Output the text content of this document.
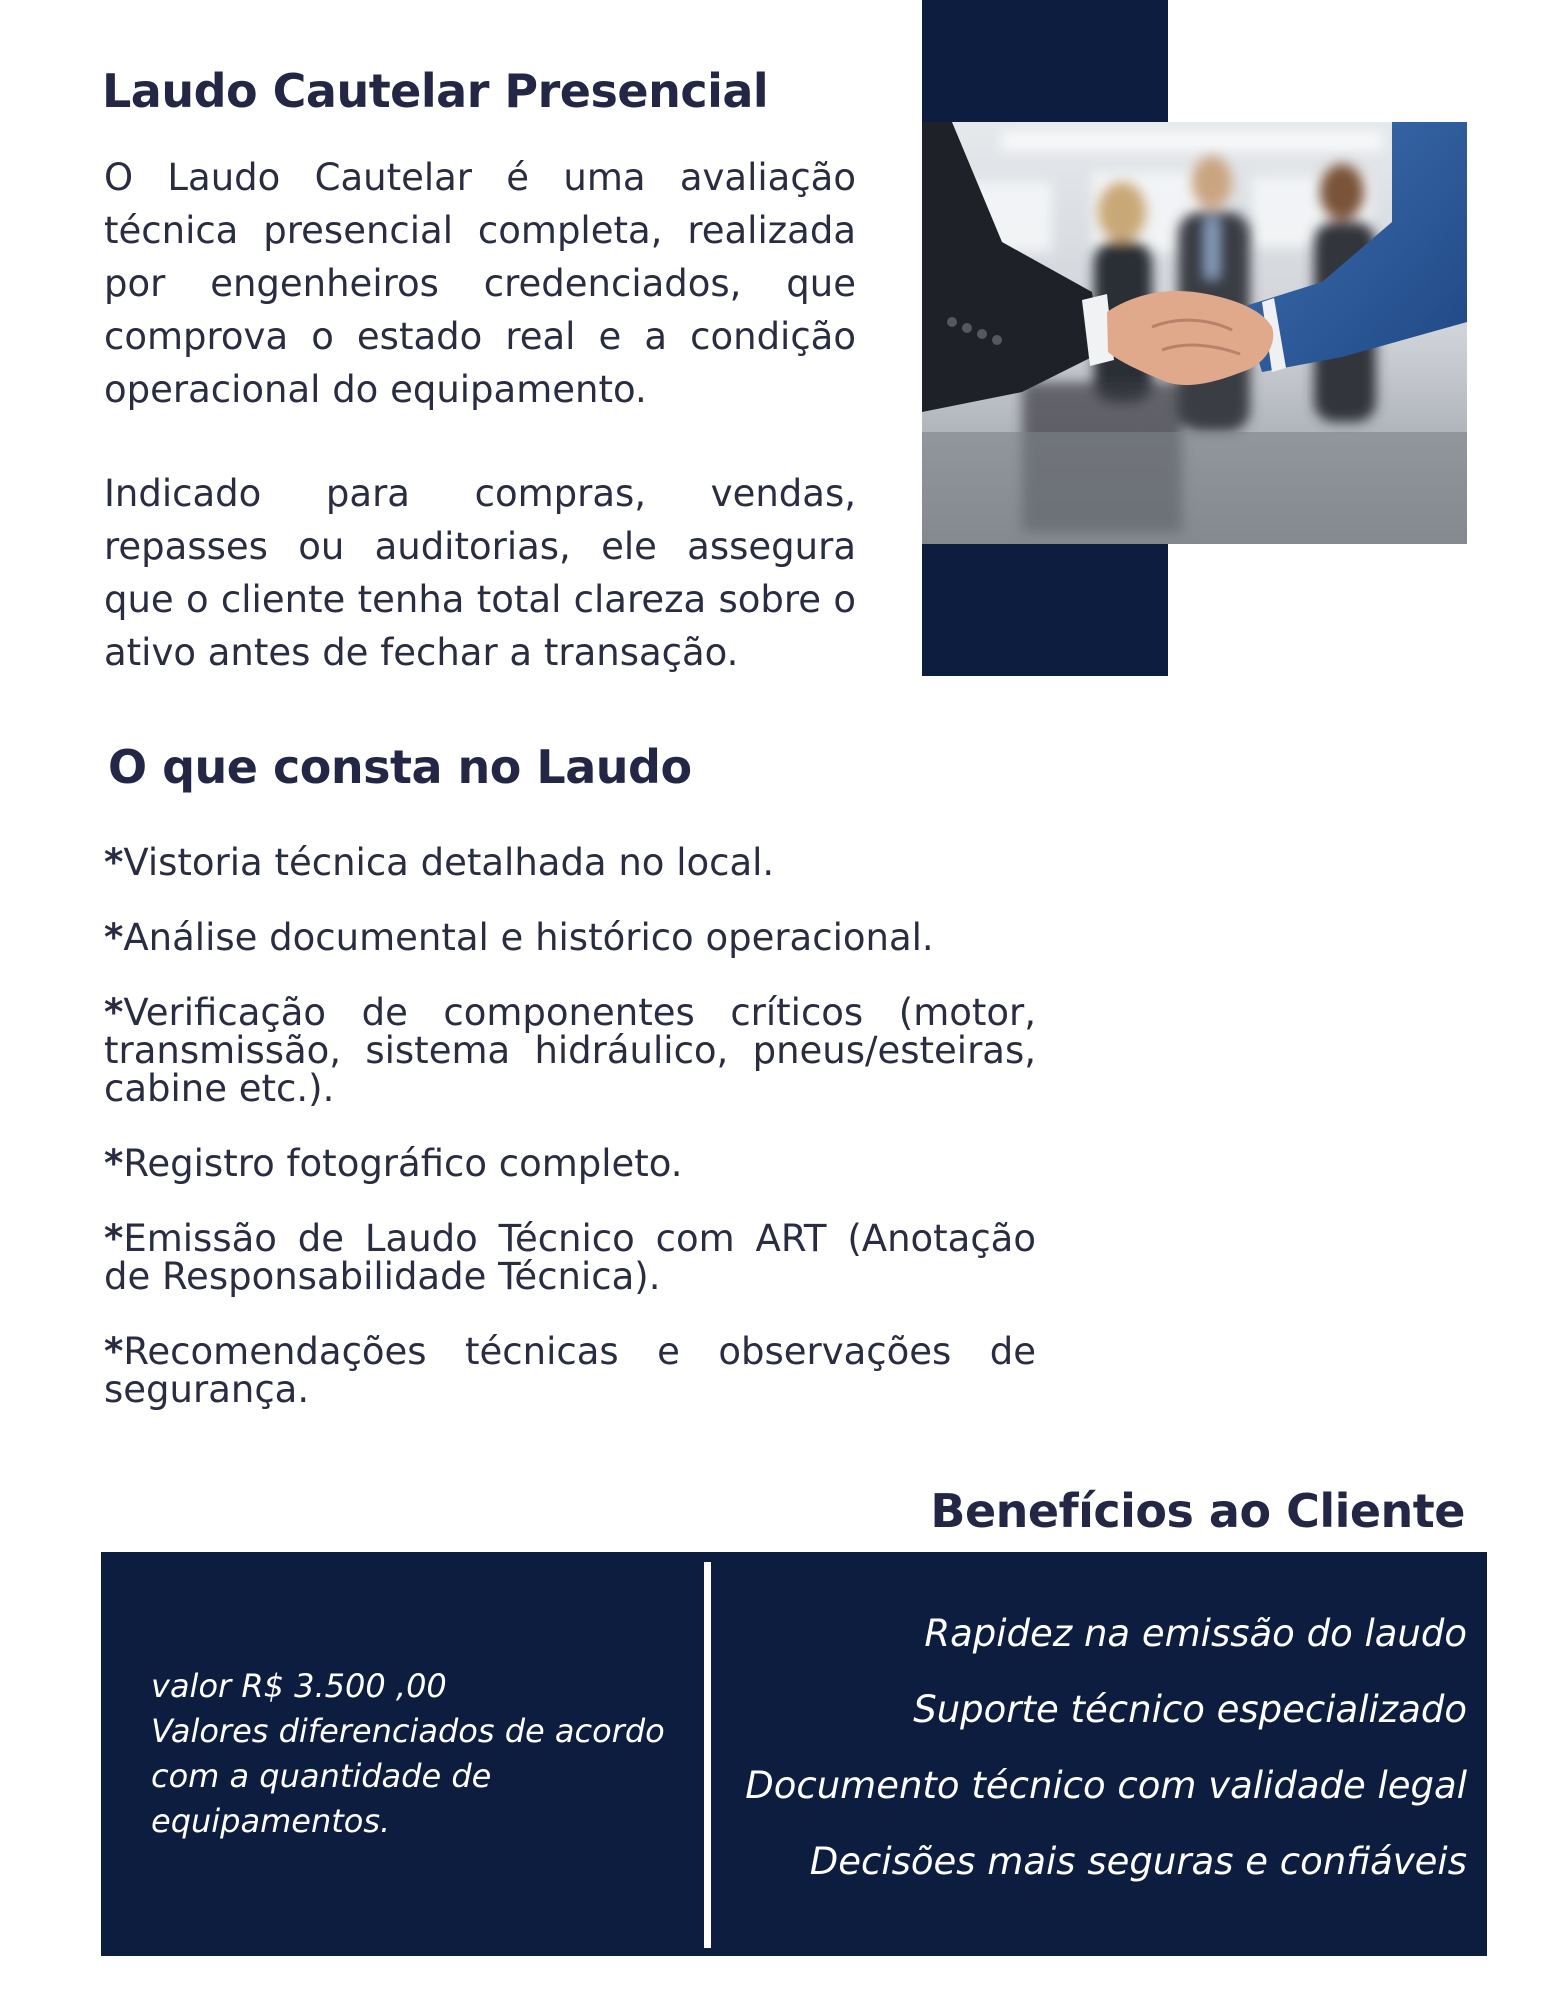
Laudo Cautelar Presencial

O Laudo Cautelar é uma avaliação técnica presencial completa, realizada por engenheiros credenciados, que comprova o estado real e a condição operacional do equipamento.

Indicado para compras, vendas, repasses ou auditorias, ele assegura que o cliente tenha total clareza sobre o ativo antes de fechar a transação.

O que consta no Laudo
*Vistoria técnica detalhada no local.
*Análise documental e histórico operacional.
*Verificação de componentes críticos (motor, transmissão, sistema hidráulico, pneus/esteiras, cabine etc.).
*Registro fotográfico completo.
*Emissão de Laudo Técnico com ART (Anotação de Responsabilidade Técnica).
*Recomendações técnicas e observações de segurança.
Benefícios ao Cliente

valor R$ 3.500 ,00

Valores diferenciados de acordo com a quantidade de equipamentos.

Rapidez na emissão do laudo
Suporte técnico especializado
Documento técnico com validade legal
Decisões mais seguras e confiáveis
